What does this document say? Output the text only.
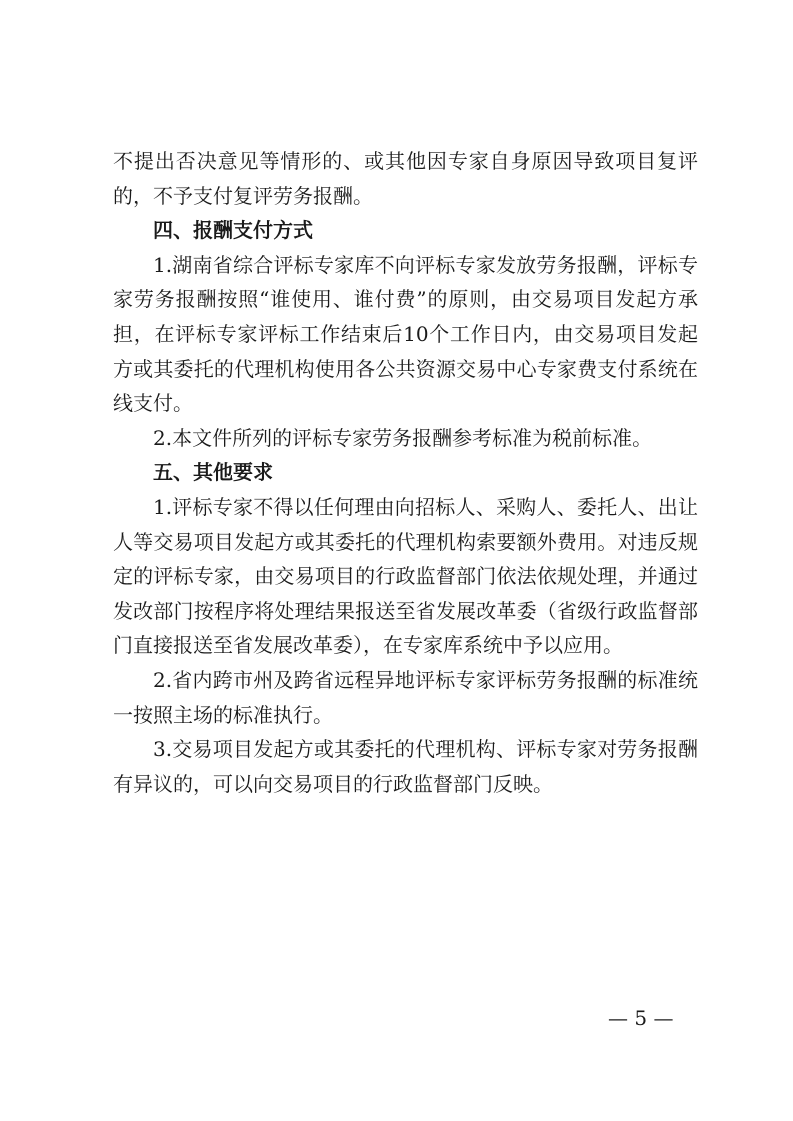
不提出否决意见等情形的、或其他因专家自身原因导致项目复评的，不予支付复评劳务报酬。

四、报酬支付方式

1.湖南省综合评标专家库不向评标专家发放劳务报酬，评标专家劳务报酬按照“谁使用、谁付费”的原则，由交易项目发起方承担，在评标专家评标工作结束后10个工作日内，由交易项目发起方或其委托的代理机构使用各公共资源交易中心专家费支付系统在线支付。

2.本文件所列的评标专家劳务报酬参考标准为税前标准。

五、其他要求

1.评标专家不得以任何理由向招标人、采购人、委托人、出让人等交易项目发起方或其委托的代理机构索要额外费用。对违反规定的评标专家，由交易项目的行政监督部门依法依规处理，并通过发改部门按程序将处理结果报送至省发展改革委（省级行政监督部门直接报送至省发展改革委），在专家库系统中予以应用。

2.省内跨市州及跨省远程异地评标专家评标劳务报酬的标准统一按照主场的标准执行。

3.交易项目发起方或其委托的代理机构、评标专家对劳务报酬有异议的，可以向交易项目的行政监督部门反映。

— 5 —
